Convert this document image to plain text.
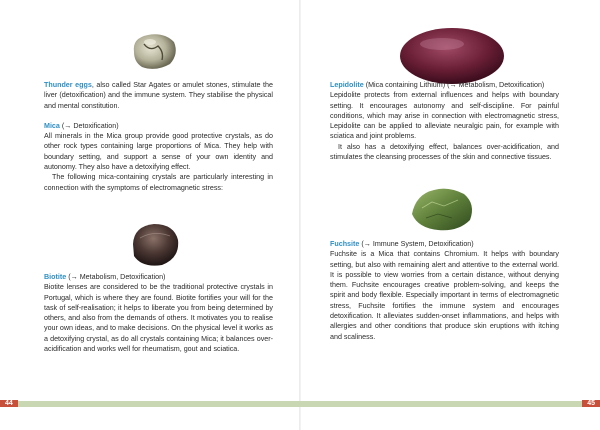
Thunder eggs, also called Star Agates or amulet stones, stimulate the liver (detoxification) and the immune system. They stabilise the physical and mental constitution.

Mica (→ Detoxification)

All minerals in the Mica group provide good protective crystals, as do other rock types containing large proportions of Mica. They help with boundary setting, and support a sense of your own identity and autonomy. They also have a detoxifying effect.

The following mica-containing crystals are particularly interesting in connection with the symptoms of electromagnetic stress:

Biotite (→ Metabolism, Detoxification)

Biotite lenses are considered to be the traditional protective crystals in Portugal, which is where they are found. Biotite fortifies your will for the task of self-realisation; it helps to liberate you from being determined by others, and also from the demands of others. It motivates you to realise your own ideas, and to make decisions. On the physical level it works as a detoxifying crystal, as do all crystals containing Mica; it balances over-acidification and works well for rheumatism, gout and sciatica.

44

Lepidolite (Mica containing Lithium) (→ Metabolism, Detoxification)

Lepidolite protects from external influences and helps with boundary setting. It encourages autonomy and self-discipline. For painful conditions, which may arise in connection with electromagnetic stress, Lepidolite can be applied to alleviate neuralgic pain, for example with sciatica and joint problems.

It also has a detoxifying effect, balances over-acidification, and stimulates the cleansing processes of the skin and connective tissues.

Fuchsite (→ Immune System, Detoxification)

Fuchsite is a Mica that contains Chromium. It helps with boundary setting, but also with remaining alert and attentive to the external world. It is possible to view worries from a certain distance, without denying them. Fuchsite encourages creative problem-solving, and keeps the spirit and body flexible. Especially important in terms of electromagnetic stress, Fuchsite fortifies the immune system and encourages detoxification. It alleviates sudden-onset inflammations, and helps with allergies and other conditions that produce skin eruptions with itching and scaliness.

45
